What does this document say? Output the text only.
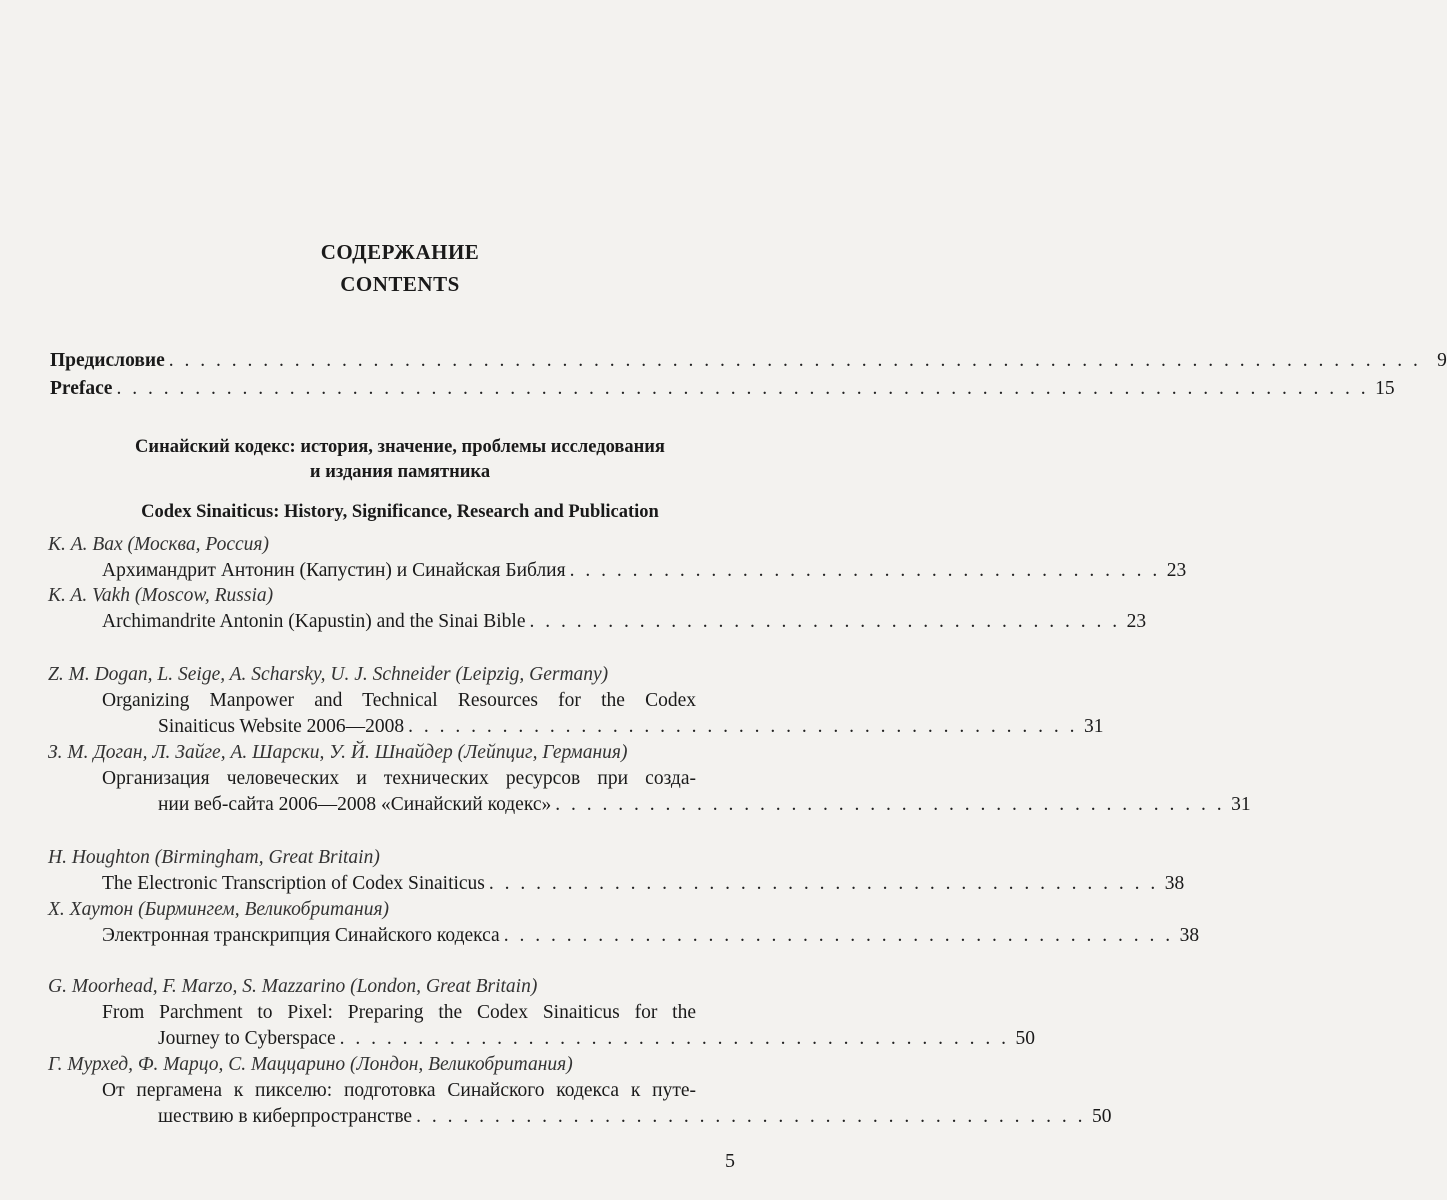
СОДЕРЖАНИЕ
CONTENTS
Предисловие . . . . . . . . . . . . . . . . . . . . . . . . . . . . . . . . . . . . . . . . . . . . . . . . . . . . . . . . . . . . . . . . . . . . . . . . . . . . . . . . 9
Preface . . . . . . . . . . . . . . . . . . . . . . . . . . . . . . . . . . . . . . . . . . . . . . . . . . . . . . . . . . . . . . . . . . . . . . . . . . . . . . . . 15
Синайский кодекс: история, значение, проблемы исследования
и издания памятника
Codex Sinaiticus: History, Significance, Research and Publication
К. А. Вах (Москва, Россия)
Архимандрит Антонин (Капустин) и Синайская Библия . . . . . . . . . . . . . . . . . . . . . . . . . . . . . . . . . . . . . . 23
K. A. Vakh (Moscow, Russia)
Archimandrite Antonin (Kapustin) and the Sinai Bible . . . . . . . . . . . . . . . . . . . . . . . . . . . . . . . . . . . . . . 23
Z. M. Dogan, L. Seige, A. Scharsky, U. J. Schneider (Leipzig, Germany)
Organizing Manpower and Technical Resources for the Codex
Sinaiticus Website 2006—2008 . . . . . . . . . . . . . . . . . . . . . . . . . . . . . . . . . . . . . . . . . . . 31
З. М. Доган, Л. Зайге, А. Шарски, У. Й. Шнайдер (Лейпциг, Германия)
Организация человеческих и технических ресурсов при созда-
нии веб-сайта 2006—2008 «Синайский кодекс» . . . . . . . . . . . . . . . . . . . . . . . . . . . . . . . . . . . . . . . . . . . 31
H. Houghton (Birmingham, Great Britain)
The Electronic Transcription of Codex Sinaiticus . . . . . . . . . . . . . . . . . . . . . . . . . . . . . . . . . . . . . . . . . . . 38
Х. Хаутон (Бирмингем, Великобритания)
Электронная транскрипция Синайского кодекса . . . . . . . . . . . . . . . . . . . . . . . . . . . . . . . . . . . . . . . . . . . 38
G. Moorhead, F. Marzo, S. Mazzarino (London, Great Britain)
From Parchment to Pixel: Preparing the Codex Sinaiticus for the
Journey to Cyberspace . . . . . . . . . . . . . . . . . . . . . . . . . . . . . . . . . . . . . . . . . . . 50
Г. Мурхед, Ф. Марцо, С. Маццарино (Лондон, Великобритания)
От пергамена к пикселю: подготовка Синайского кодекса к путе-
шествию в киберпространстве . . . . . . . . . . . . . . . . . . . . . . . . . . . . . . . . . . . . . . . . . . . 50
5
